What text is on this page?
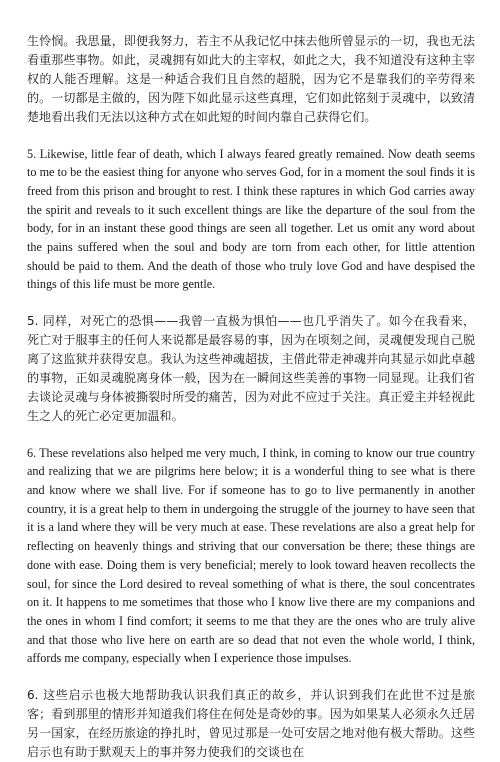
生怜悯。我思量，即便我努力，若主不从我记忆中抹去他所曾显示的一切，我也无法看重那些事物。如此，灵魂拥有如此大的主宰权，如此之大，我不知道没有这种主宰权的人能否理解。这是一种适合我们且自然的超脱，因为它不是靠我们的辛劳得来的。一切都是主做的，因为陛下如此显示这些真理，它们如此铭刻于灵魂中，以致清楚地看出我们无法以这种方式在如此短的时间内靠自己获得它们。

5. Likewise, little fear of death, which I always feared greatly remained. Now death seems to me to be the easiest thing for anyone who serves God, for in a moment the soul finds it is freed from this prison and brought to rest. I think these raptures in which God carries away the spirit and reveals to it such excellent things are like the departure of the soul from the body, for in an instant these good things are seen all together. Let us omit any word about the pains suffered when the soul and body are torn from each other, for little attention should be paid to them. And the death of those who truly love God and have despised the things of this life must be more gentle.

5. 同样，对死亡的恐惧——我曾一直极为惧怕——也几乎消失了。如今在我看来，死亡对于服事主的任何人来说都是最容易的事，因为在顷刻之间，灵魂便发现自己脱离了这监狱并获得安息。我认为这些神魂超拔，主借此带走神魂并向其显示如此卓越的事物，正如灵魂脱离身体一般，因为在一瞬间这些美善的事物一同显现。让我们省去谈论灵魂与身体被撕裂时所受的痛苦，因为对此不应过于关注。真正爱主并轻视此生之人的死亡必定更加温和。

6. These revelations also helped me very much, I think, in coming to know our true country and realizing that we are pilgrims here below; it is a wonderful thing to see what is there and know where we shall live. For if someone has to go to live permanently in another country, it is a great help to them in undergoing the struggle of the journey to have seen that it is a land where they will be very much at ease. These revelations are also a great help for reflecting on heavenly things and striving that our conversation be there; these things are done with ease. Doing them is very beneficial; merely to look toward heaven recollects the soul, for since the Lord desired to reveal something of what is there, the soul concentrates on it. It happens to me sometimes that those who I know live there are my companions and the ones in whom I find comfort; it seems to me that they are the ones who are truly alive and that those who live here on earth are so dead that not even the whole world, I think, affords me company, especially when I experience those impulses.

6. 这些启示也极大地帮助我认识我们真正的故乡，并认识到我们在此世不过是旅客；看到那里的情形并知道我们将住在何处是奇妙的事。因为如果某人必须永久迁居另一国家，在经历旅途的挣扎时，曾见过那是一处可安居之地对他有极大帮助。这些启示也有助于默观天上的事并努力使我们的交谈也在
